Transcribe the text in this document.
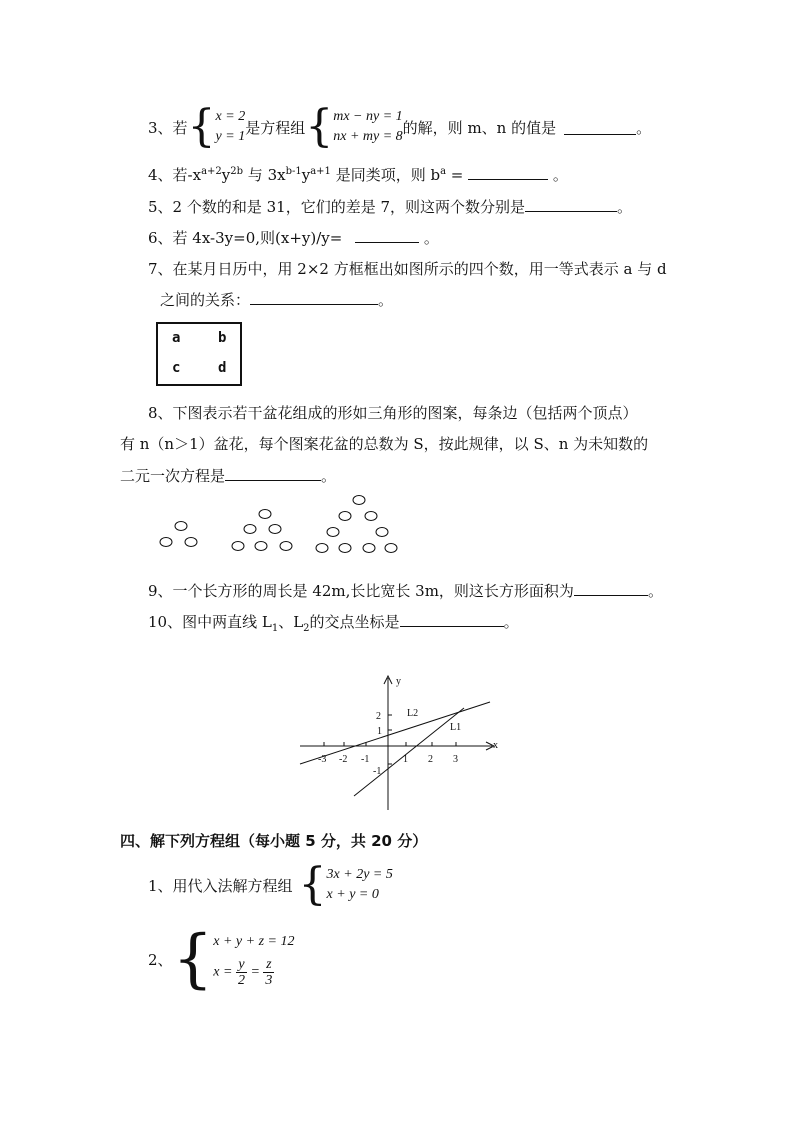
3、若 { x = 2
y = 1 是方程组 { mx − ny = 1
nx + my = 8 的解，则 m、n 的值是	。
4、若$-x^{a+2}y^{2b}$ 与 $3x^{b-1}y^{a+1}$ 是同类项，则 $b^a$ =	。
5、2 个数的和是 31，它们的差是 7，则这两个数分别是	。
6、若 4x-3y=0,则(x+y)/y=	。
7、在某月日历中，用 2×2 方框框出如图所示的四个数，用一等式表示 a 与 d
之间的关系：	。
a	b
c	d
8、下图表示若干盆花组成的形如三角形的图案，每条边（包括两个顶点）
有 n（n＞1）盆花，每个图案花盆的总数为 S，按此规律，以 S、n 为未知数的
二元一次方程是	。
9、一个长方形的周长是 42m,长比宽长 3m，则这长方形面积为	。
10、图中两直线 $L_1$、$L_2$的交点坐标是	。
x
y
-3 -2 -1	1 2 3
2
1
-1
L2
L1
四、解下列方程组（每小题 5 分，共 20 分）
1、用代入法解方程组 { 3x + 2y = 5
x + y = 0
2、 { x + y + z = 12
$x = \frac{y}{2} = \frac{z}{3}$
